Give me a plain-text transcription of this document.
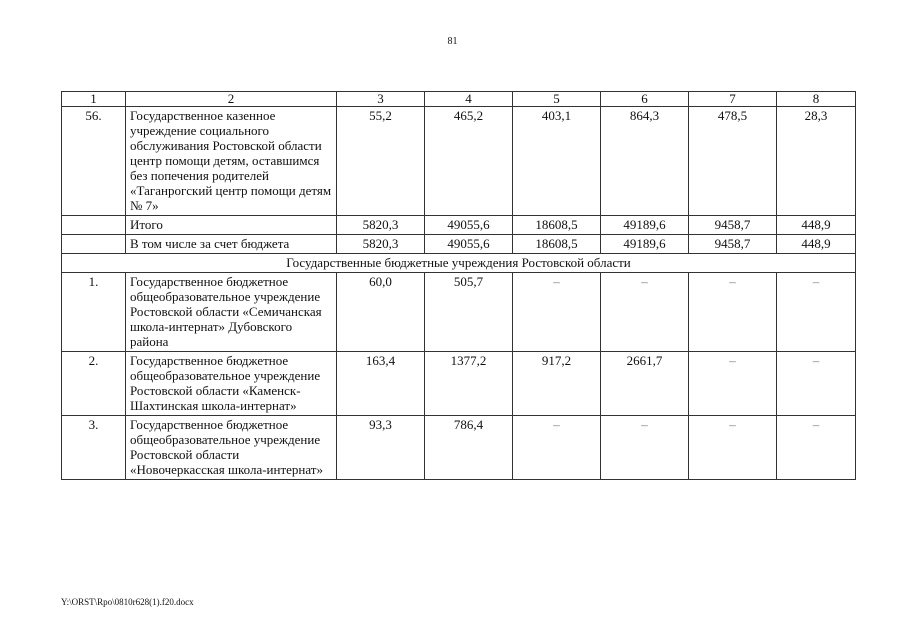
81
1	2	3	4	5	6	7	8
56.	Государственное казенное учреждение социального обслуживания Ростовской области центр помощи детям, оставшимся без попечения родителей «Таганрогский центр помощи детям № 7»	55,2	465,2	403,1	864,3	478,5	28,3
	Итого	5820,3	49055,6	18608,5	49189,6	9458,7	448,9
	В том числе за счет бюджета	5820,3	49055,6	18608,5	49189,6	9458,7	448,9
Государственные бюджетные учреждения Ростовской области							
1.	Государственное бюджетное общеобразовательное учреждение Ростовской области «Семичанская школа-интернат» Дубовского района	60,0	505,7	–	–	–	–
2.	Государственное бюджетное общеобразовательное учреждение Ростовской области «Каменск-Шахтинская школа-интернат»	163,4	1377,2	917,2	2661,7	–	–
3.	Государственное бюджетное общеобразовательное учреждение Ростовской области «Новочеркасская школа-интернат»	93,3	786,4	–	–	–	–
Y:\ORST\Rpo\0810r628(1).f20.docx
